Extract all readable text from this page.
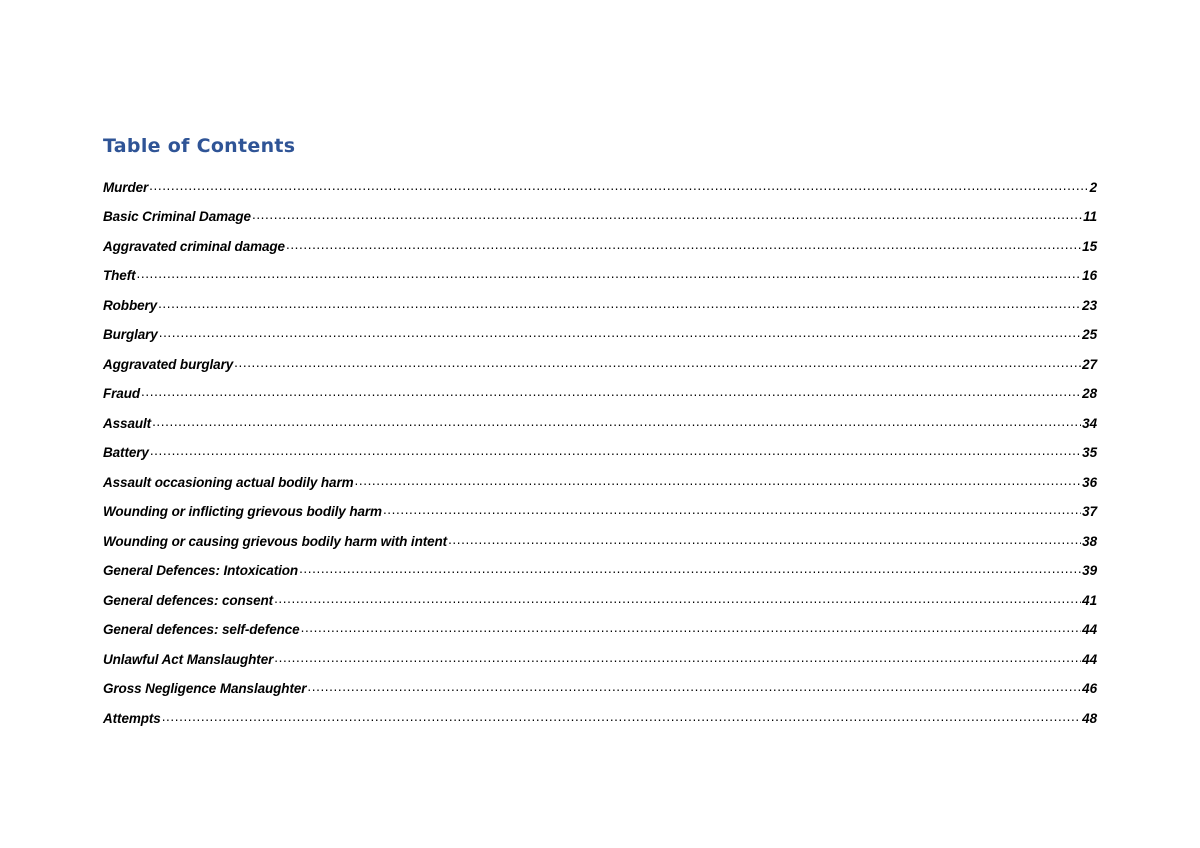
Table of Contents
Murder .....	2
Basic Criminal Damage .....	11
Aggravated criminal damage .....	15
Theft .....	16
Robbery .....	23
Burglary .....	25
Aggravated burglary .....	27
Fraud .....	28
Assault .....	34
Battery .....	35
Assault occasioning actual bodily harm .....	36
Wounding or inflicting grievous bodily harm .....	37
Wounding or causing grievous bodily harm with intent .....	38
General Defences: Intoxication .....	39
General defences: consent .....	41
General defences: self-defence .....	44
Unlawful Act Manslaughter .....	44
Gross Negligence Manslaughter .....	46
Attempts .....	48
